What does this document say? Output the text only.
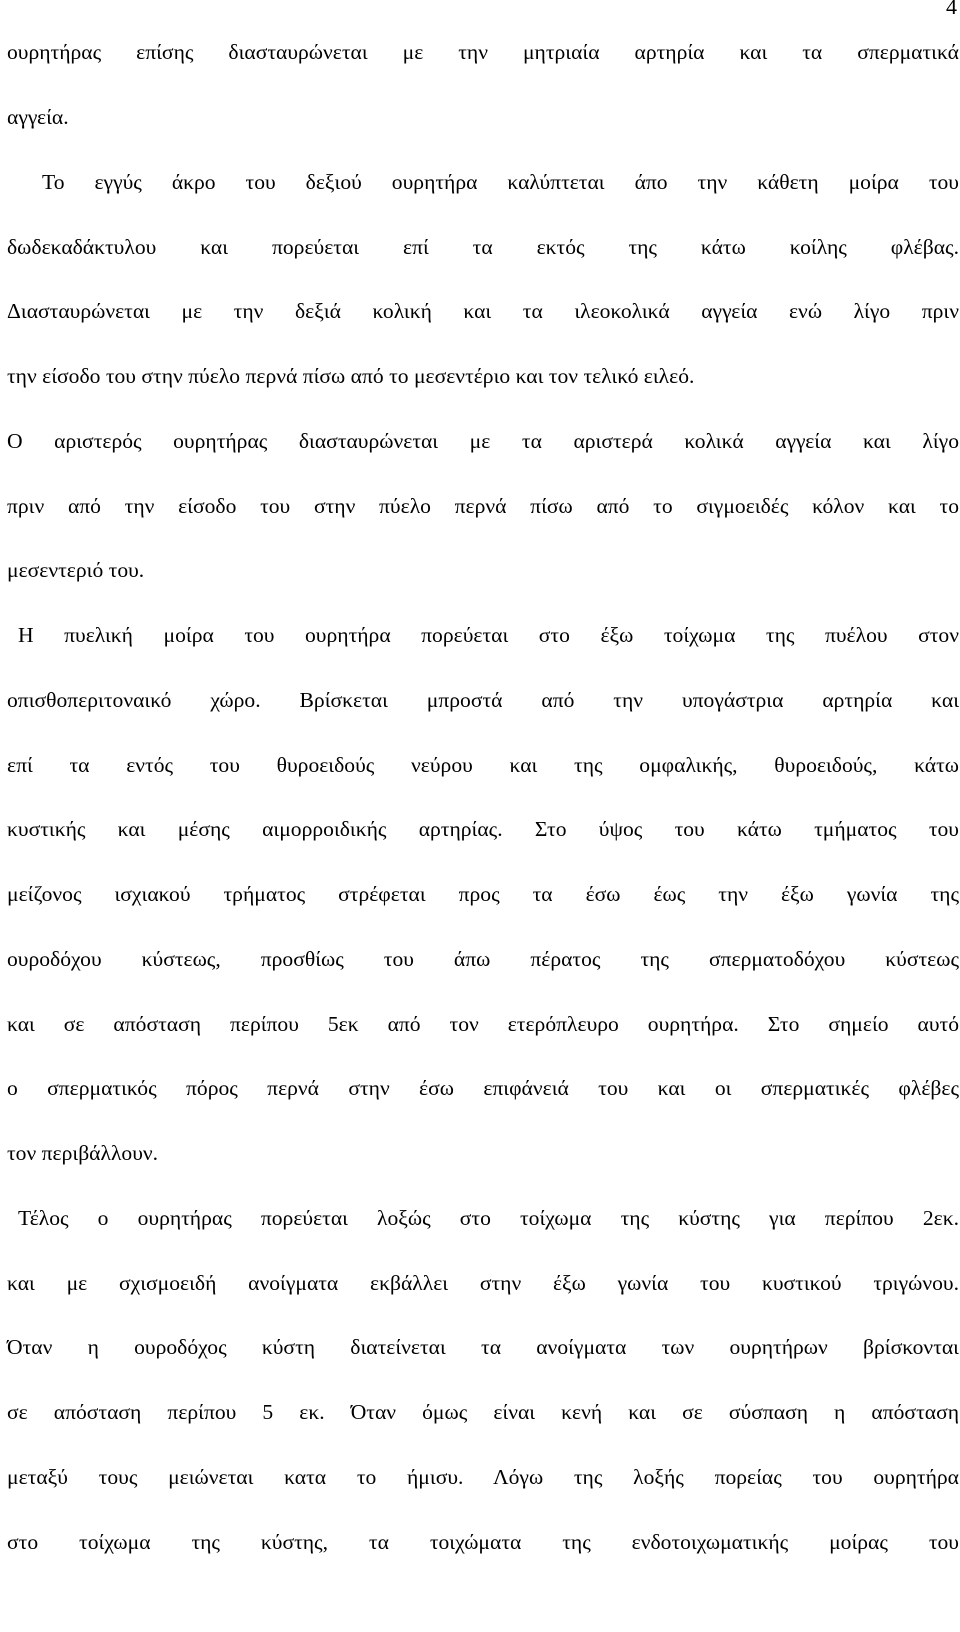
4
ουρητήρας επίσης διασταυρώνεται με την μητριαία αρτηρία και τα σπερματικά
αγγεία.
Το εγγύς άκρο του δεξιού ουρητήρα καλύπτεται άπο την κάθετη μοίρα του
δωδεκαδάκτυλου και πορεύεται επί τα εκτός της κάτω κοίλης φλέβας.
Διασταυρώνεται με την δεξιά κολική και τα ιλεοκολικά αγγεία ενώ λίγο πριν
την είσοδο του στην πύελο περνά πίσω από το μεσεντέριο και τον τελικό ειλεό.
Ο αριστερός ουρητήρας διασταυρώνεται με τα αριστερά κολικά αγγεία και λίγο
πριν από την είσοδο του στην πύελο περνά πίσω από το σιγμοειδές κόλον και το
μεσεντεριό του.
Η πυελική μοίρα του ουρητήρα πορεύεται στο έξω τοίχωμα της πυέλου στον
οπισθοπεριτοναικό χώρο. Βρίσκεται μπροστά από την υπογάστρια αρτηρία και
επί τα εντός του θυροειδούς νεύρου και της ομφαλικής, θυροειδούς, κάτω
κυστικής και μέσης αιμορροιδικής αρτηρίας. Στο ύψος του κάτω τμήματος του
μείζονος ισχιακού τρήματος στρέφεται προς τα έσω έως την έξω γωνία της
ουροδόχου κύστεως, προσθίως του άπω πέρατος της σπερματοδόχου κύστεως
και σε απόσταση περίπου 5εκ από τον ετερόπλευρο ουρητήρα. Στο σημείο αυτό
ο σπερματικός πόρος περνά στην έσω επιφάνειά του και οι σπερματικές φλέβες
τον περιβάλλουν.
Τέλος ο ουρητήρας πορεύεται λοξώς στο τοίχωμα της κύστης για περίπου 2εκ.
και με σχισμοειδή ανοίγματα εκβάλλει στην έξω γωνία του κυστικού τριγώνου.
Όταν η ουροδόχος κύστη διατείνεται τα ανοίγματα των ουρητήρων βρίσκονται
σε απόσταση περίπου 5 εκ. Όταν όμως είναι κενή και σε σύσπαση η απόσταση
μεταξύ τους μειώνεται κατα το ήμισυ. Λόγω της λοξής πορείας του ουρητήρα
στο τοίχωμα της κύστης, τα τοιχώματα της ενδοτοιχωματικής μοίρας του
